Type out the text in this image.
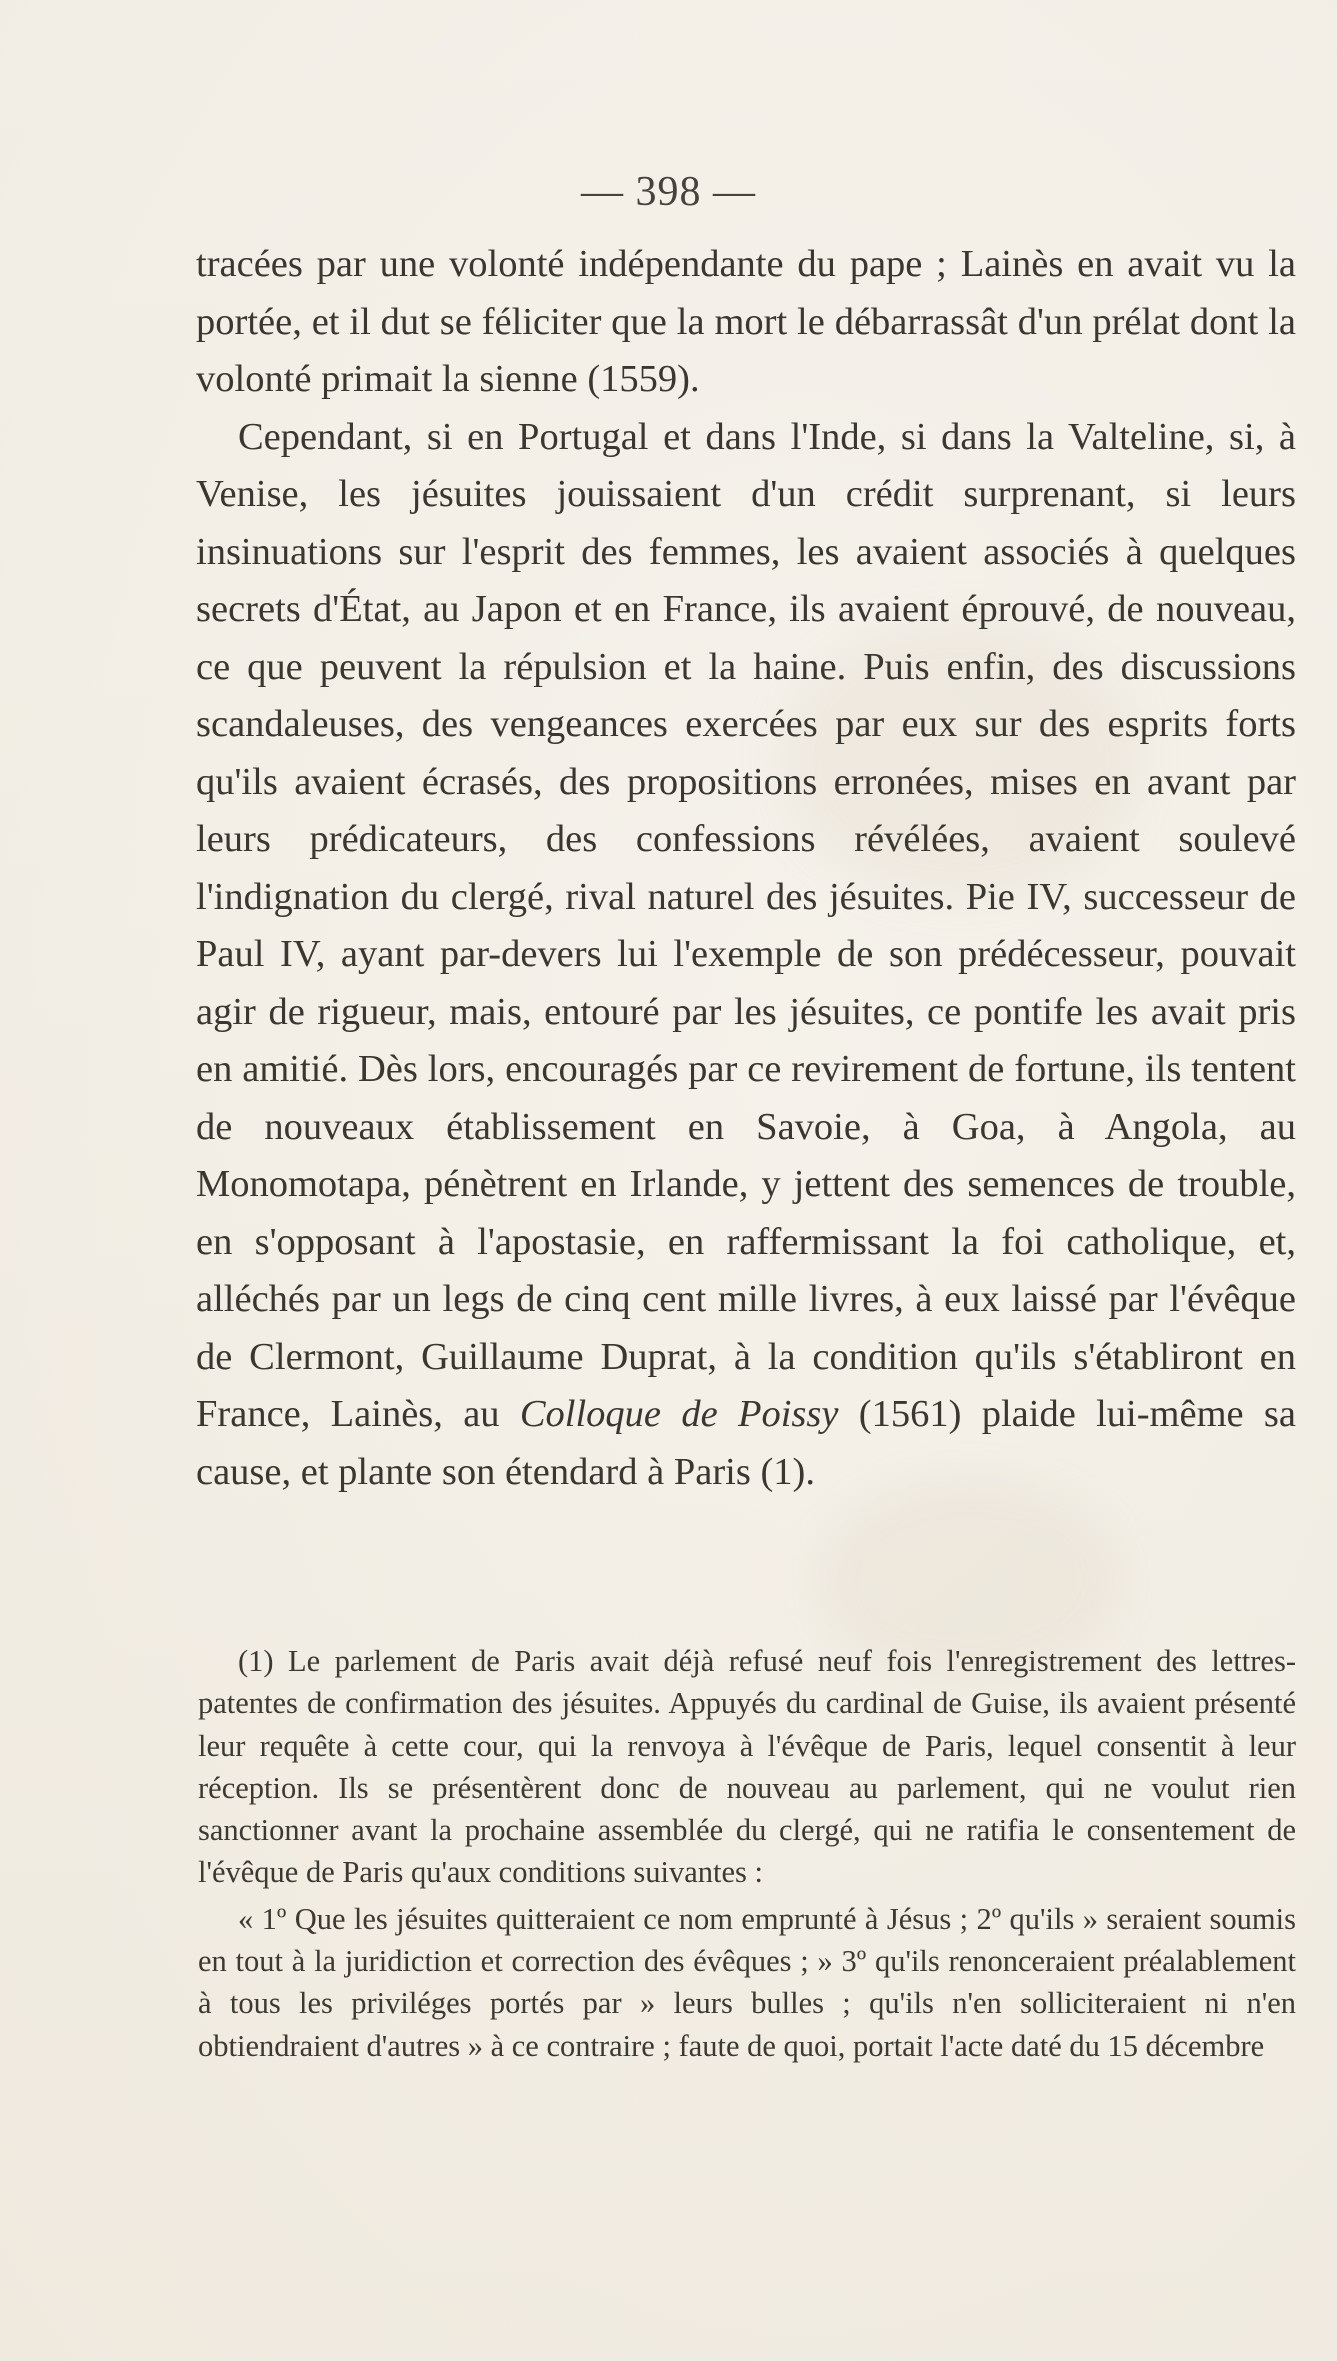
— 398 —

tracées par une volonté indépendante du pape ; Lainès en avait vu la portée, et il dut se féliciter que la mort le débarrassât d'un prélat dont la volonté primait la sienne (1559).

Cependant, si en Portugal et dans l'Inde, si dans la Valteline, si, à Venise, les jésuites jouissaient d'un crédit surprenant, si leurs insinuations sur l'esprit des femmes, les avaient associés à quelques secrets d'État, au Japon et en France, ils avaient éprouvé, de nouveau, ce que peuvent la répulsion et la haine. Puis enfin, des discussions scandaleuses, des vengeances exercées par eux sur des esprits forts qu'ils avaient écrasés, des propositions erronées, mises en avant par leurs prédicateurs, des confessions révélées, avaient soulevé l'indignation du clergé, rival naturel des jésuites. Pie IV, successeur de Paul IV, ayant par-devers lui l'exemple de son prédécesseur, pouvait agir de rigueur, mais, entouré par les jésuites, ce pontife les avait pris en amitié. Dès lors, encouragés par ce revirement de fortune, ils tentent de nouveaux établissement en Savoie, à Goa, à Angola, au Monomotapa, pénètrent en Irlande, y jettent des semences de trouble, en s'opposant à l'apostasie, en raffermissant la foi catholique, et, alléchés par un legs de cinq cent mille livres, à eux laissé par l'évêque de Clermont, Guillaume Duprat, à la condition qu'ils s'établiront en France, Lainès, au Colloque de Poissy (1561) plaide lui-même sa cause, et plante son étendard à Paris (1).

(1) Le parlement de Paris avait déjà refusé neuf fois l'enregistrement des lettres-patentes de confirmation des jésuites. Appuyés du cardinal de Guise, ils avaient présenté leur requête à cette cour, qui la renvoya à l'évêque de Paris, lequel consentit à leur réception. Ils se présentèrent donc de nouveau au parlement, qui ne voulut rien sanctionner avant la prochaine assemblée du clergé, qui ne ratifia le consentement de l'évêque de Paris qu'aux conditions suivantes :

« 1º Que les jésuites quitteraient ce nom emprunté à Jésus ; 2º qu'ils » seraient soumis en tout à la juridiction et correction des évêques ; » 3º qu'ils renonceraient préalablement à tous les priviléges portés par » leurs bulles ; qu'ils n'en solliciteraient ni n'en obtiendraient d'autres » à ce contraire ; faute de quoi, portait l'acte daté du 15 décembre
